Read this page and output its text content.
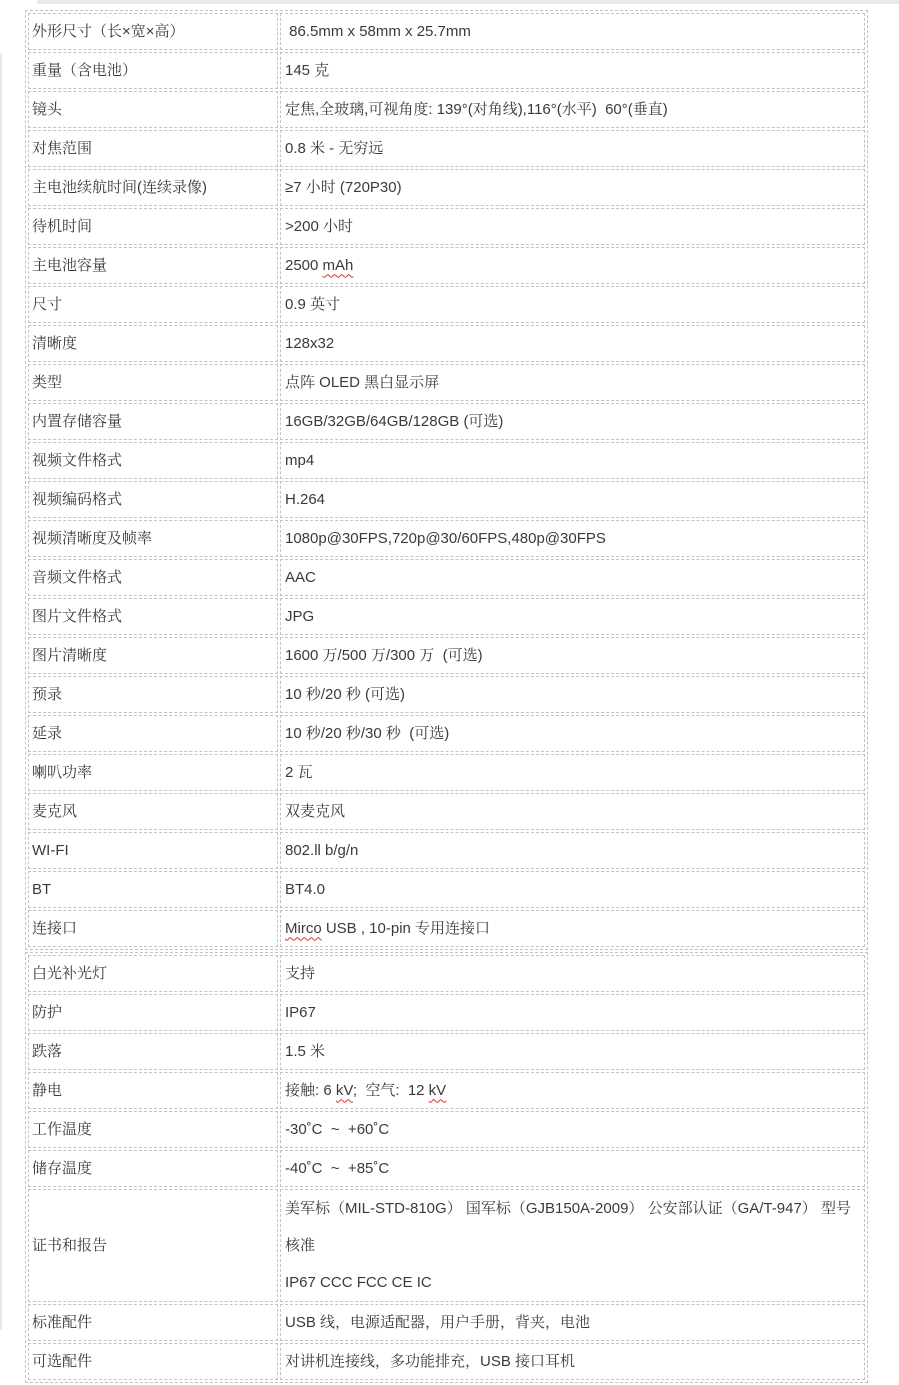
外形尺寸（长×宽×高）	86.5mm x 58mm x 25.7mm
重量（含电池）	145 克
镜头	定焦,全玻璃,可视角度: 139°(对角线),116°(水平)  60°(垂直)
对焦范围	0.8 米 - 无穷远
主电池续航时间(连续录像)	≥7 小时 (720P30)
待机时间	>200 小时
主电池容量	2500 mAh
尺寸	0.9 英寸
清晰度	128x32
类型	点阵 OLED 黑白显示屏
内置存储容量	16GB/32GB/64GB/128GB (可选)
视频文件格式	mp4
视频编码格式	H.264
视频清晰度及帧率	1080p@30FPS,720p@30/60FPS,480p@30FPS
音频文件格式	AAC
图片文件格式	JPG
图片清晰度	1600 万/500 万/300 万  (可选)
预录	10 秒/20 秒 (可选)
延录	10 秒/20 秒/30 秒  (可选)
喇叭功率	2 瓦
麦克风	双麦克风
WI-FI	802.ll b/g/n
BT	BT4.0
连接口	Mirco USB , 10-pin 专用连接口
白光补光灯	支持
防护	IP67
跌落	1.5 米
静电	接触: 6 kV;  空气:  12 kV
工作温度	-30˚C  ~  +60˚C
储存温度	-40˚C  ~  +85˚C
证书和报告	美军标（MIL-STD-810G） 国军标（GJB150A-2009） 公安部认证（GA/T-947） 型号核准
IP67 CCC FCC CE IC

标准配件	USB 线，电源适配器，用户手册，背夹，电池
可选配件	对讲机连接线，多功能排充，USB 接口耳机
